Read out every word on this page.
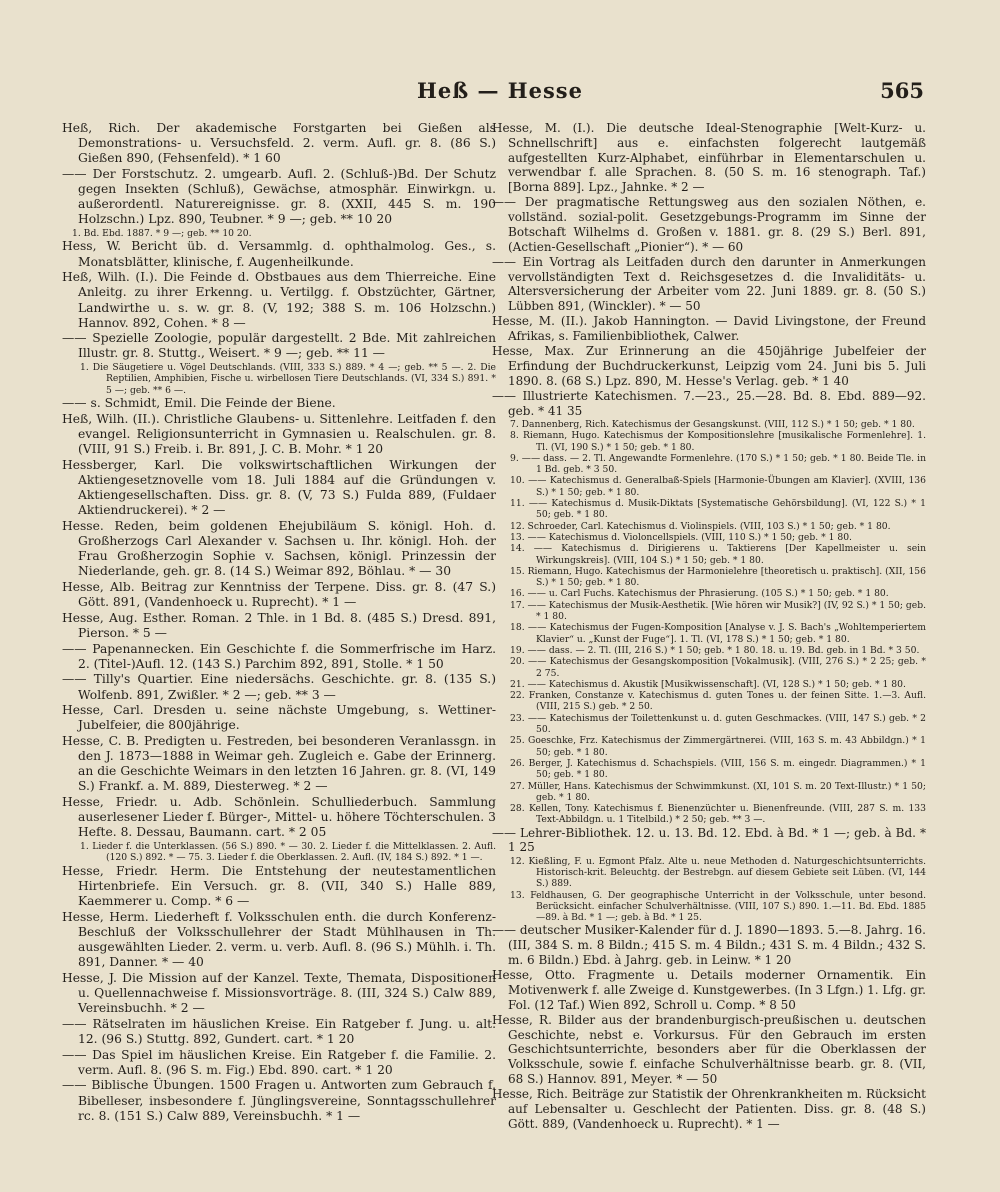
Heß — Hesse	565

Heß, Rich. Der akademische Forstgarten bei Gießen als Demonstrations- u. Versuchsfeld. 2. verm. Aufl. gr. 8. (86 S.) Gießen 890, (Fehsenfeld). * 1 60

—— Der Forstschutz. 2. umgearb. Aufl. 2. (Schluß-)Bd. Der Schutz gegen Insekten (Schluß), Gewächse, atmosphär. Einwirkgn. u. außerordentl. Naturereignisse. gr. 8. (XXII, 445 S. m. 190 Holzschn.) Lpz. 890, Teubner. * 9 —; geb. ** 10 20

1. Bd. Ebd. 1887. * 9 —; geb. ** 10 20.

Hess, W. Bericht üb. d. Versammlg. d. ophthalmolog. Ges., s. Monatsblätter, klinische, f. Augenheilkunde.

Heß, Wilh. (I.). Die Feinde d. Obstbaues aus dem Thierreiche. Eine Anleitg. zu ihrer Erkenng. u. Vertilgg. f. Obstzüchter, Gärtner, Landwirthe u. s. w. gr. 8. (V, 192; 388 S. m. 106 Holzschn.) Hannov. 892, Cohen. * 8 —

—— Spezielle Zoologie, populär dargestellt. 2 Bde. Mit zahlreichen Illustr. gr. 8. Stuttg., Weisert. * 9 —; geb. ** 11 —

1. Die Säugetiere u. Vögel Deutschlands. (VIII, 333 S.) 889. * 4 —; geb. ** 5 —. 2. Die Reptilien, Amphibien, Fische u. wirbellosen Tiere Deutschlands. (VI, 334 S.) 891. * 5 —; geb. ** 6 —.

—— s. Schmidt, Emil. Die Feinde der Biene.

Heß, Wilh. (II.). Christliche Glaubens- u. Sittenlehre. Leitfaden f. den evangel. Religionsunterricht in Gymnasien u. Realschulen. gr. 8. (VIII, 91 S.) Freib. i. Br. 891, J. C. B. Mohr. * 1 20

Hessberger, Karl. Die volkswirtschaftlichen Wirkungen der Aktiengesetznovelle vom 18. Juli 1884 auf die Gründungen v. Aktiengesellschaften. Diss. gr. 8. (V, 73 S.) Fulda 889, (Fuldaer Aktiendruckerei). * 2 —

Hesse. Reden, beim goldenen Ehejubiläum S. königl. Hoh. d. Großherzogs Carl Alexander v. Sachsen u. Ihr. königl. Hoh. der Frau Großherzogin Sophie v. Sachsen, königl. Prinzessin der Niederlande, geh. gr. 8. (14 S.) Weimar 892, Böhlau. * — 30

Hesse, Alb. Beitrag zur Kenntniss der Terpene. Diss. gr. 8. (47 S.) Gött. 891, (Vandenhoeck u. Ruprecht). * 1 —

Hesse, Aug. Esther. Roman. 2 Thle. in 1 Bd. 8. (485 S.) Dresd. 891, Pierson. * 5 —

—— Papenannecken. Ein Geschichte f. die Sommerfrische im Harz. 2. (Titel-)Aufl. 12. (143 S.) Parchim 892, 891, Stolle. * 1 50

—— Tilly's Quartier. Eine niedersächs. Geschichte. gr. 8. (135 S.) Wolfenb. 891, Zwißler. * 2 —; geb. ** 3 —

Hesse, Carl. Dresden u. seine nächste Umgebung, s. Wettiner-Jubelfeier, die 800jährige.

Hesse, C. B. Predigten u. Festreden, bei besonderen Veranlassgn. in den J. 1873—1888 in Weimar geh. Zugleich e. Gabe der Erinnerg. an die Geschichte Weimars in den letzten 16 Jahren. gr. 8. (VI, 149 S.) Frankf. a. M. 889, Diesterweg. * 2 —

Hesse, Friedr. u. Adb. Schönlein. Schulliederbuch. Sammlung auserlesener Lieder f. Bürger-, Mittel- u. höhere Töchterschulen. 3 Hefte. 8. Dessau, Baumann. cart. * 2 05

1. Lieder f. die Unterklassen. (56 S.) 890. * — 30. 2. Lieder f. die Mittelklassen. 2. Aufl. (120 S.) 892. * — 75. 3. Lieder f. die Oberklassen. 2. Aufl. (IV, 184 S.) 892. * 1 —.

Hesse, Friedr. Herm. Die Entstehung der neutestamentlichen Hirtenbriefe. Ein Versuch. gr. 8. (VII, 340 S.) Halle 889, Kaemmerer u. Comp. * 6 —

Hesse, Herm. Liederheft f. Volksschulen enth. die durch Konferenz-Beschluß der Volksschullehrer der Stadt Mühlhausen in Th. ausgewählten Lieder. 2. verm. u. verb. Aufl. 8. (96 S.) Mühlh. i. Th. 891, Danner. * — 40

Hesse, J. Die Mission auf der Kanzel. Texte, Themata, Dispositionen u. Quellennachweise f. Missionsvorträge. 8. (III, 324 S.) Calw 889, Vereinsbuchh. * 2 —

—— Rätselraten im häuslichen Kreise. Ein Ratgeber f. Jung. u. alt. 12. (96 S.) Stuttg. 892, Gundert. cart. * 1 20

—— Das Spiel im häuslichen Kreise. Ein Ratgeber f. die Familie. 2. verm. Aufl. 8. (96 S. m. Fig.) Ebd. 890. cart. * 1 20

—— Biblische Übungen. 1500 Fragen u. Antworten zum Gebrauch f. Bibelleser, insbesondere f. Jünglingsvereine, Sonntagsschullehrer rc. 8. (151 S.) Calw 889, Vereinsbuchh. * 1 —

Hesse, M. (I.). Die deutsche Ideal-Stenographie [Welt-Kurz- u. Schnellschrift] aus e. einfachsten folgerecht lautgemäß aufgestellten Kurz-Alphabet, einführbar in Elementarschulen u. verwendbar f. alle Sprachen. 8. (50 S. m. 16 stenograph. Taf.) [Borna 889]. Lpz., Jahnke. * 2 —

—— Der pragmatische Rettungsweg aus den sozialen Nöthen, e. vollständ. sozial-polit. Gesetzgebungs-Programm im Sinne der Botschaft Wilhelms d. Großen v. 1881. gr. 8. (29 S.) Berl. 891, (Actien-Gesellschaft „Pionier“). * — 60

—— Ein Vortrag als Leitfaden durch den darunter in Anmerkungen vervollständigten Text d. Reichsgesetzes d. die Invaliditäts- u. Altersversicherung der Arbeiter vom 22. Juni 1889. gr. 8. (50 S.) Lübben 891, (Winckler). * — 50

Hesse, M. (II.). Jakob Hannington. — David Livingstone, der Freund Afrikas, s. Familienbibliothek, Calwer.

Hesse, Max. Zur Erinnerung an die 450jährige Jubelfeier der Erfindung der Buchdruckerkunst, Leipzig vom 24. Juni bis 5. Juli 1890. 8. (68 S.) Lpz. 890, M. Hesse's Verlag. geb. * 1 40

—— Illustrierte Katechismen. 7.—23., 25.—28. Bd. 8. Ebd. 889—92. geb. * 41 35

7. Dannenberg, Rich. Katechismus der Gesangskunst. (VIII, 112 S.) * 1 50; geb. * 1 80.

8. Riemann, Hugo. Katechismus der Kompositionslehre [musikalische Formenlehre]. 1. Tl. (VI, 190 S.) * 1 50; geb. * 1 80.

9. —— dass. — 2. Tl. Angewandte Formenlehre. (170 S.) * 1 50; geb. * 1 80. Beide Tle. in 1 Bd. geb. * 3 50.

10. —— Katechismus d. Generalbaß-Spiels [Harmonie-Übungen am Klavier]. (XVIII, 136 S.) * 1 50; geb. * 1 80.

11. —— Katechismus d. Musik-Diktats [Systematische Gehörsbildung]. (VI, 122 S.) * 1 50; geb. * 1 80.

12. Schroeder, Carl. Katechismus d. Violinspiels. (VIII, 103 S.) * 1 50; geb. * 1 80.

13. —— Katechismus d. Violoncellspiels. (VIII, 110 S.) * 1 50; geb. * 1 80.

14. —— Katechismus d. Dirigierens u. Taktierens [Der Kapellmeister u. sein Wirkungskreis]. (VIII, 104 S.) * 1 50; geb. * 1 80.

15. Riemann, Hugo. Katechismus der Harmonielehre [theoretisch u. praktisch]. (XII, 156 S.) * 1 50; geb. * 1 80.

16. —— u. Carl Fuchs. Katechismus der Phrasierung. (105 S.) * 1 50; geb. * 1 80.

17. —— Katechismus der Musik-Aesthetik. [Wie hören wir Musik?] (IV, 92 S.) * 1 50; geb. * 1 80.

18. —— Katechismus der Fugen-Komposition [Analyse v. J. S. Bach's „Wohltemperiertem Klavier“ u. „Kunst der Fuge“]. 1. Tl. (VI, 178 S.) * 1 50; geb. * 1 80.

19. —— dass. — 2. Tl. (III, 216 S.) * 1 50; geb. * 1 80. 18. u. 19. Bd. geb. in 1 Bd. * 3 50.

20. —— Katechismus der Gesangskomposition [Vokalmusik]. (VIII, 276 S.) * 2 25; geb. * 2 75.

21. —— Katechismus d. Akustik [Musikwissenschaft]. (VI, 128 S.) * 1 50; geb. * 1 80.

22. Franken, Constanze v. Katechismus d. guten Tones u. der feinen Sitte. 1.—3. Aufl. (VIII, 215 S.) geb. * 2 50.

23. —— Katechismus der Toilettenkunst u. d. guten Geschmackes. (VIII, 147 S.) geb. * 2 50.

25. Goeschke, Frz. Katechismus der Zimmergärtnerei. (VIII, 163 S. m. 43 Abbildgn.) * 1 50; geb. * 1 80.

26. Berger, J. Katechismus d. Schachspiels. (VIII, 156 S. m. eingedr. Diagrammen.) * 1 50; geb. * 1 80.

27. Müller, Hans. Katechismus der Schwimmkunst. (XI, 101 S. m. 20 Text-Illustr.) * 1 50; geb. * 1 80.

28. Kellen, Tony. Katechismus f. Bienenzüchter u. Bienenfreunde. (VIII, 287 S. m. 133 Text-Abbildgn. u. 1 Titelbild.) * 2 50; geb. ** 3 —.

—— Lehrer-Bibliothek. 12. u. 13. Bd. 12. Ebd. à Bd. * 1 —; geb. à Bd. * 1 25

12. Kießling, F. u. Egmont Pfalz. Alte u. neue Methoden d. Naturgeschichtsunterrichts. Historisch-krit. Beleuchtg. der Bestrebgn. auf diesem Gebiete seit Lüben. (VI, 144 S.) 889.

13. Feldhausen, G. Der geographische Unterricht in der Volksschule, unter besond. Berücksicht. einfacher Schulverhältnisse. (VIII, 107 S.) 890. 1.—11. Bd. Ebd. 1885—89. à Bd. * 1 —; geb. à Bd. * 1 25.

—— deutscher Musiker-Kalender für d. J. 1890—1893. 5.—8. Jahrg. 16. (III, 384 S. m. 8 Bildn.; 415 S. m. 4 Bildn.; 431 S. m. 4 Bildn.; 432 S. m. 6 Bildn.) Ebd. à Jahrg. geb. in Leinw. * 1 20

Hesse, Otto. Fragmente u. Details moderner Ornamentik. Ein Motivenwerk f. alle Zweige d. Kunstgewerbes. (In 3 Lfgn.) 1. Lfg. gr. Fol. (12 Taf.) Wien 892, Schroll u. Comp. * 8 50

Hesse, R. Bilder aus der brandenburgisch-preußischen u. deutschen Geschichte, nebst e. Vorkursus. Für den Gebrauch im ersten Geschichtsunterrichte, besonders aber für die Oberklassen der Volksschule, sowie f. einfache Schulverhältnisse bearb. gr. 8. (VII, 68 S.) Hannov. 891, Meyer. * — 50

Hesse, Rich. Beiträge zur Statistik der Ohrenkrankheiten m. Rücksicht auf Lebensalter u. Geschlecht der Patienten. Diss. gr. 8. (48 S.) Gött. 889, (Vandenhoeck u. Ruprecht). * 1 —
